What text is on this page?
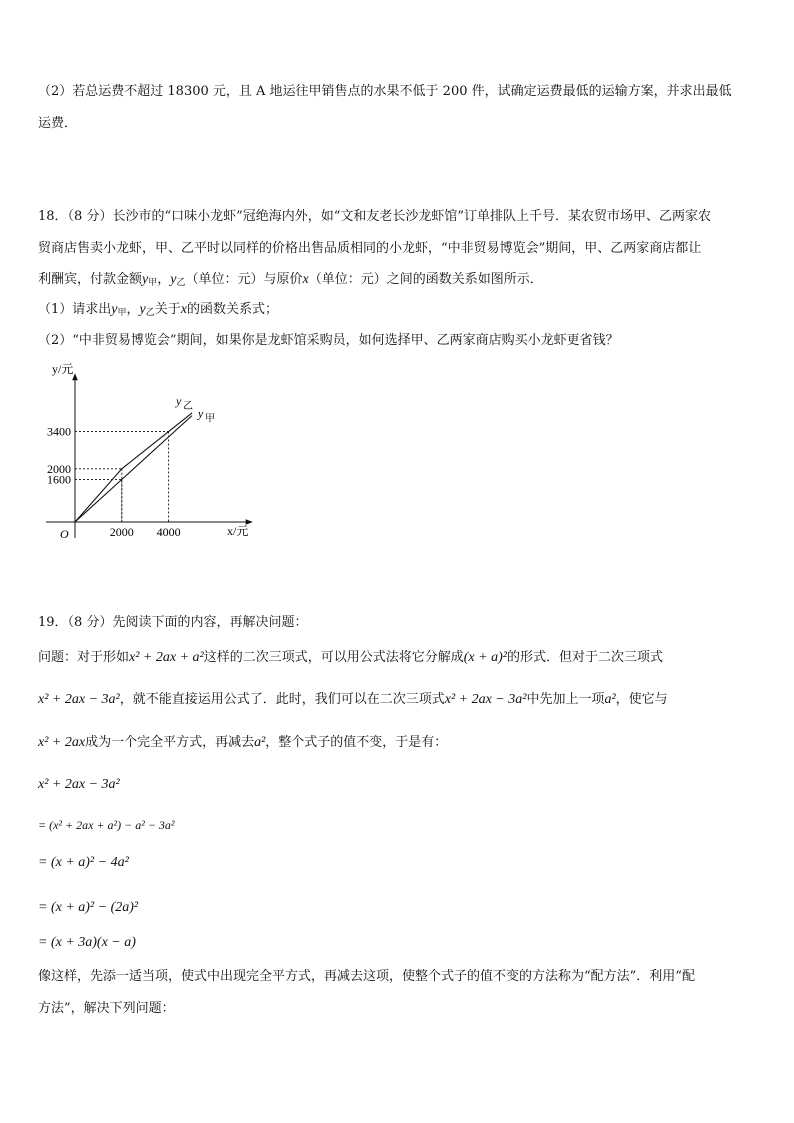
（2）若总运费不超过 18300 元，且 A 地运往甲销售点的水果不低于 200 件，试确定运费最低的运输方案，并求出最低
运费．
18．（8 分）长沙市的“口味小龙虾”冠绝海内外，如“文和友老长沙龙虾馆”订单排队上千号．某农贸市场甲、乙两家农
贸商店售卖小龙虾，甲、乙平时以同样的价格出售品质相同的小龙虾，“中非贸易博览会”期间，甲、乙两家商店都让
利酬宾，付款金额$y_甲$，$y_乙$（单位：元）与原价x（单位：元）之间的函数关系如图所示．
（1）请求出$y_甲$，$y_乙$关于x的函数关系式；
（2）“中非贸易博览会”期间，如果你是龙虾馆采购员，如何选择甲、乙两家商店购买小龙虾更省钱？
y 乙
y 甲
2000 4000
1600
2000
3400
y/元
x/元
O
19．（8 分）先阅读下面的内容，再解决问题：
问题：对于形如x² + 2ax + a²这样的二次三项式，可以用公式法将它分解成(x + a)²的形式．但对于二次三项式
x² + 2ax − 3a²，就不能直接运用公式了．此时，我们可以在二次三项式x² + 2ax − 3a²中先加上一项a²，使它与
x² + 2ax成为一个完全平方式，再减去a²，整个式子的值不变，于是有：
x² + 2ax − 3a²
= (x² + 2ax + a²) − a² − 3a²
= (x + a)² − 4a²
= (x + a)² − (2a)²
= (x + 3a)(x − a)
像这样，先添一适当项，使式中出现完全平方式，再减去这项，使整个式子的值不变的方法称为“配方法”．利用“配
方法”，解决下列问题：
